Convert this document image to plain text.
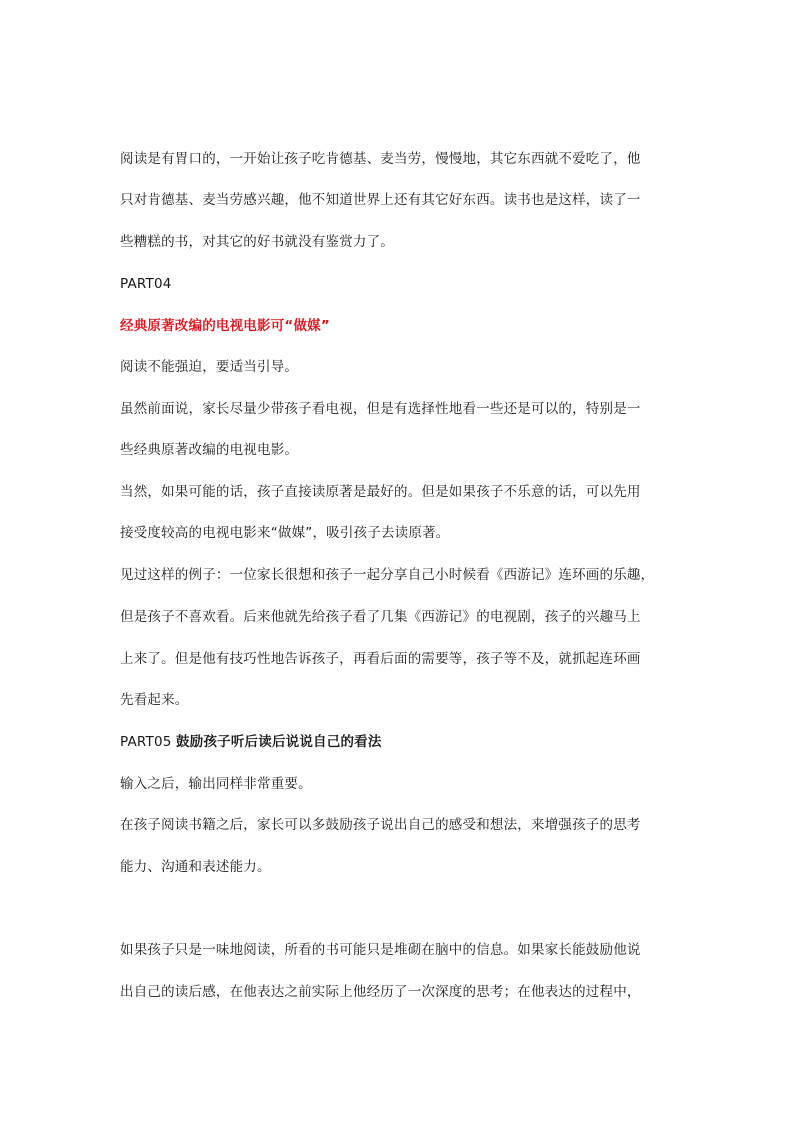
阅读是有胃口的，一开始让孩子吃肯德基、麦当劳，慢慢地，其它东西就不爱吃了，他
只对肯德基、麦当劳感兴趣，他不知道世界上还有其它好东西。读书也是这样，读了一
些糟糕的书，对其它的好书就没有鉴赏力了。
PART04
经典原著改编的电视电影可“做媒”
阅读不能强迫，要适当引导。
虽然前面说，家长尽量少带孩子看电视，但是有选择性地看一些还是可以的，特别是一
些经典原著改编的电视电影。
当然，如果可能的话，孩子直接读原著是最好的。但是如果孩子不乐意的话，可以先用
接受度较高的电视电影来“做媒”，吸引孩子去读原著。
见过这样的例子：一位家长很想和孩子一起分享自己小时候看《西游记》连环画的乐趣，
但是孩子不喜欢看。后来他就先给孩子看了几集《西游记》的电视剧，孩子的兴趣马上
上来了。但是他有技巧性地告诉孩子，再看后面的需要等，孩子等不及，就抓起连环画
先看起来。
PART05 鼓励孩子听后读后说说自己的看法
输入之后，输出同样非常重要。
在孩子阅读书籍之后，家长可以多鼓励孩子说出自己的感受和想法，来增强孩子的思考
能力、沟通和表述能力。
如果孩子只是一味地阅读，所看的书可能只是堆砌在脑中的信息。如果家长能鼓励他说
出自己的读后感，在他表达之前实际上他经历了一次深度的思考；在他表达的过程中，
